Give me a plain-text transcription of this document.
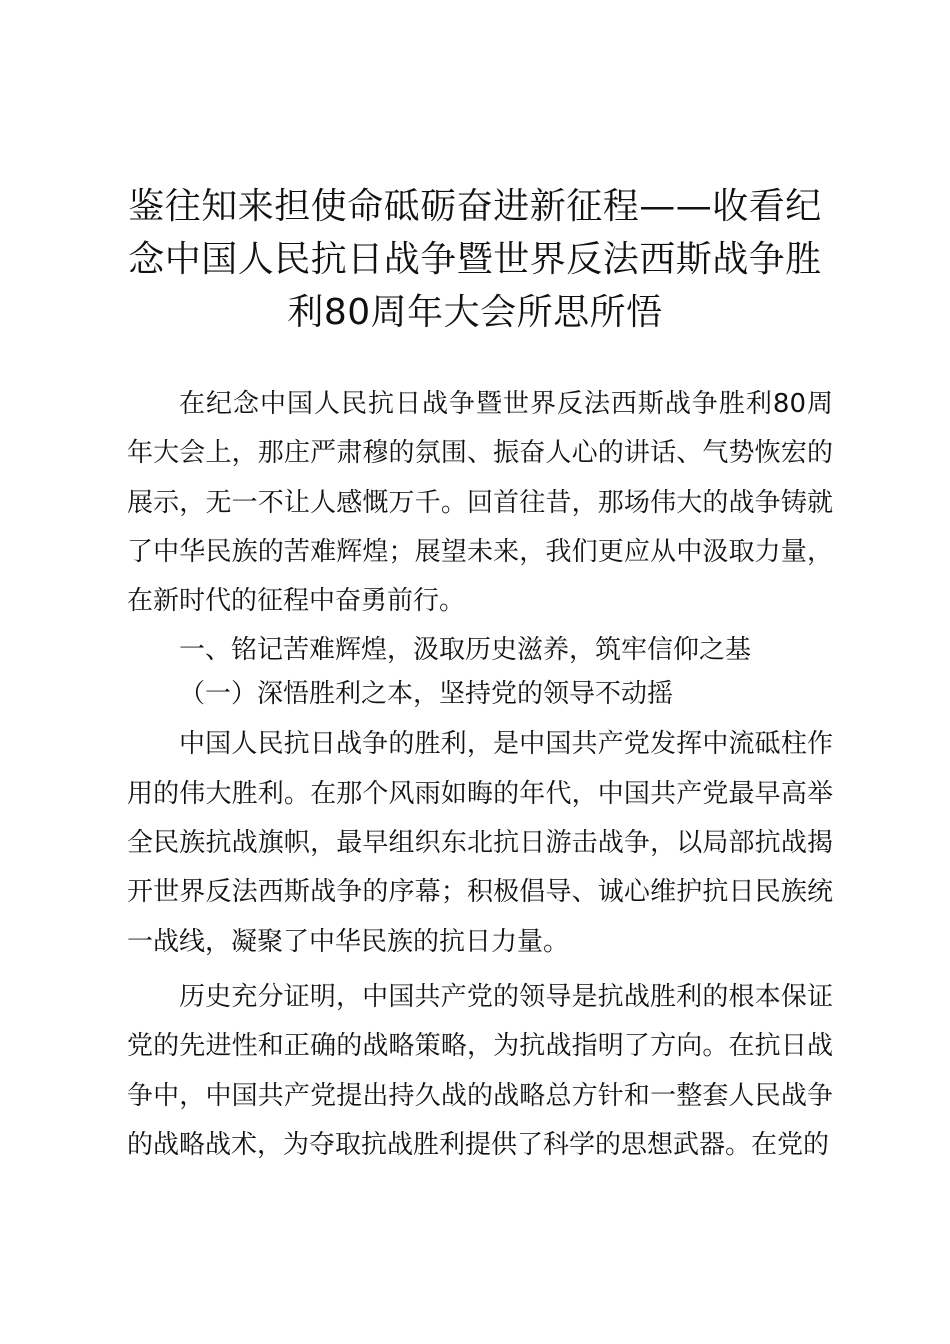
鉴往知来担使命砥砺奋进新征程——收看纪念中国人民抗日战争暨世界反法西斯战争胜利80周年大会所思所悟

在纪念中国人民抗日战争暨世界反法西斯战争胜利80周年大会上，那庄严肃穆的氛围、振奋人心的讲话、气势恢宏的展示，无一不让人感慨万千。回首往昔，那场伟大的战争铸就了中华民族的苦难辉煌；展望未来，我们更应从中汲取力量，在新时代的征程中奋勇前行。

一、铭记苦难辉煌，汲取历史滋养，筑牢信仰之基

（一）深悟胜利之本，坚持党的领导不动摇

中国人民抗日战争的胜利，是中国共产党发挥中流砥柱作用的伟大胜利。在那个风雨如晦的年代，中国共产党最早高举全民族抗战旗帜，最早组织东北抗日游击战争，以局部抗战揭开世界反法西斯战争的序幕；积极倡导、诚心维护抗日民族统一战线，凝聚了中华民族的抗日力量。

历史充分证明，中国共产党的领导是抗战胜利的根本保证党的先进性和正确的战略策略，为抗战指明了方向。在抗日战争中，中国共产党提出持久战的战略总方针和一整套人民战争的战略战术，为夺取抗战胜利提供了科学的思想武器。在党的
